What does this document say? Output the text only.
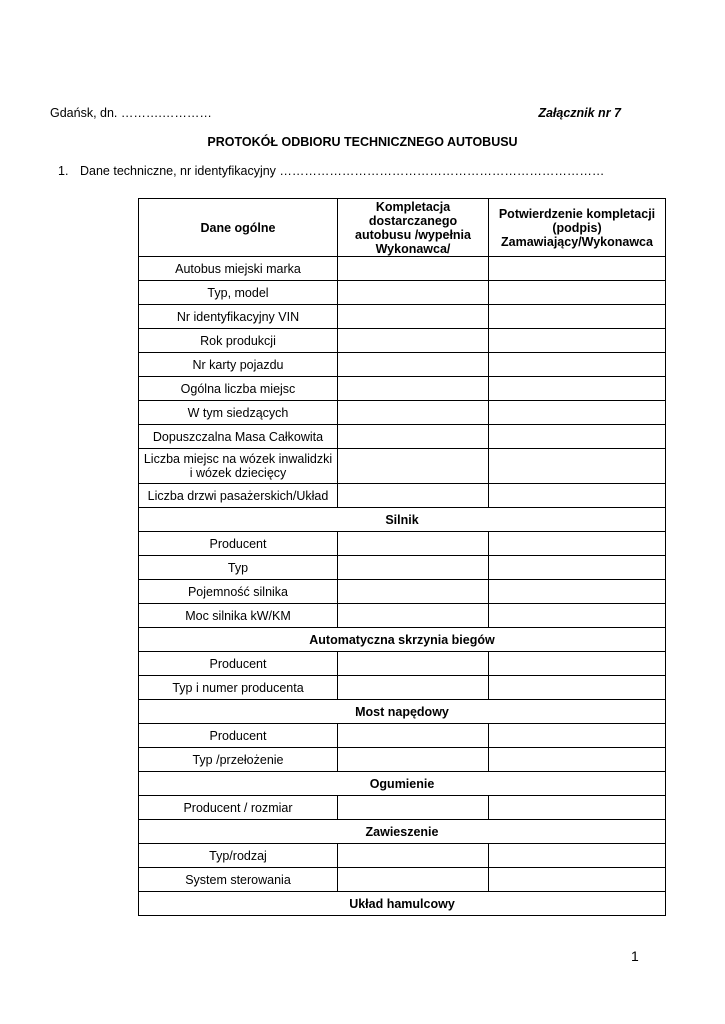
Gdańsk, dn. ……….…………	Załącznik nr 7
PROTOKÓŁ ODBIORU TECHNICZNEGO AUTOBUSU
1. Dane techniczne, nr identyfikacyjny ……………………………………………………………………
Dane ogólne	Kompletacja dostarczanego autobusu /wypełnia Wykonawca/	Potwierdzenie kompletacji (podpis) Zamawiający/Wykonawca
Autobus miejski marka		
Typ, model		
Nr identyfikacyjny VIN		
Rok produkcji		
Nr karty pojazdu		
Ogólna liczba miejsc		
W tym siedzących		
Dopuszczalna Masa Całkowita		
Liczba miejsc na wózek inwalidzki i wózek dziecięcy		
Liczba drzwi pasażerskich/Układ		
Silnik		
Producent		
Typ		
Pojemność silnika		
Moc silnika kW/KM		
Automatyczna skrzynia biegów		
Producent		
Typ i numer producenta		
Most napędowy		
Producent		
Typ /przełożenie		
Ogumienie		
Producent / rozmiar		
Zawieszenie		
Typ/rodzaj		
System sterowania		
Układ hamulcowy		
1
